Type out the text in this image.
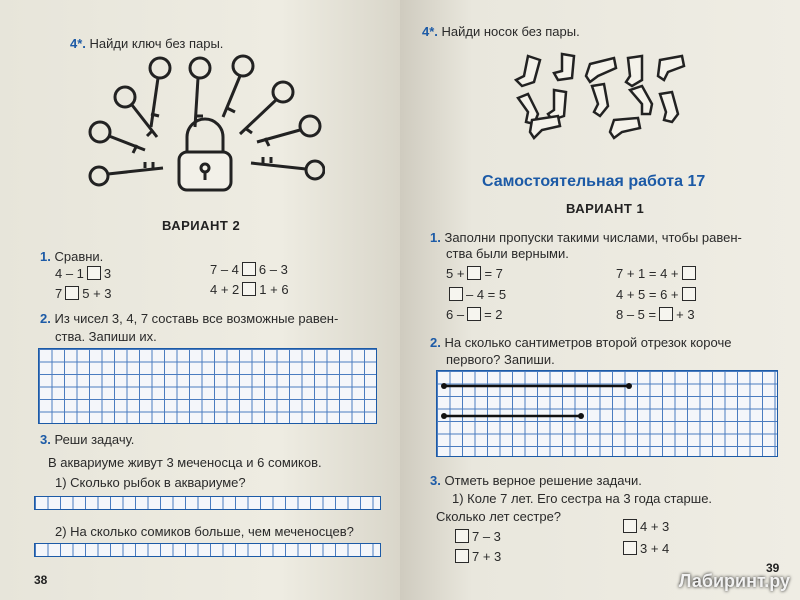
4*. Найди ключ без пары.
ВАРИАНТ 2
1. Сравни.
4 – 1 3	7 – 4 6 – 3
7 5 + 3	4 + 2 1 + 6
2. Из чисел 3, 4, 7 составь все возможные равен-
ства. Запиши их.
3. Реши задачу.
В аквариуме живут 3 меченосца и 6 сомиков.
1) Сколько рыбок в аквариуме?
2) На сколько сомиков больше, чем меченосцев?
38
4*. Найди носок без пары.
Самостоятельная работа 17
ВАРИАНТ 1
1. Заполни пропуски такими числами, чтобы равен-
ства были верными.
5 + = 7	7 + 1 = 4 +
– 4 = 5	4 + 5 = 6 +
6 – = 2	8 – 5 = + 3
2. На сколько сантиметров второй отрезок короче
первого? Запиши.
3. Отметь верное решение задачи.
1) Коле 7 лет. Его сестра на 3 года старше.
Сколько лет сестре?
7 – 3
7 + 3
4 + 3
3 + 4
39
Лабиринт.ру
